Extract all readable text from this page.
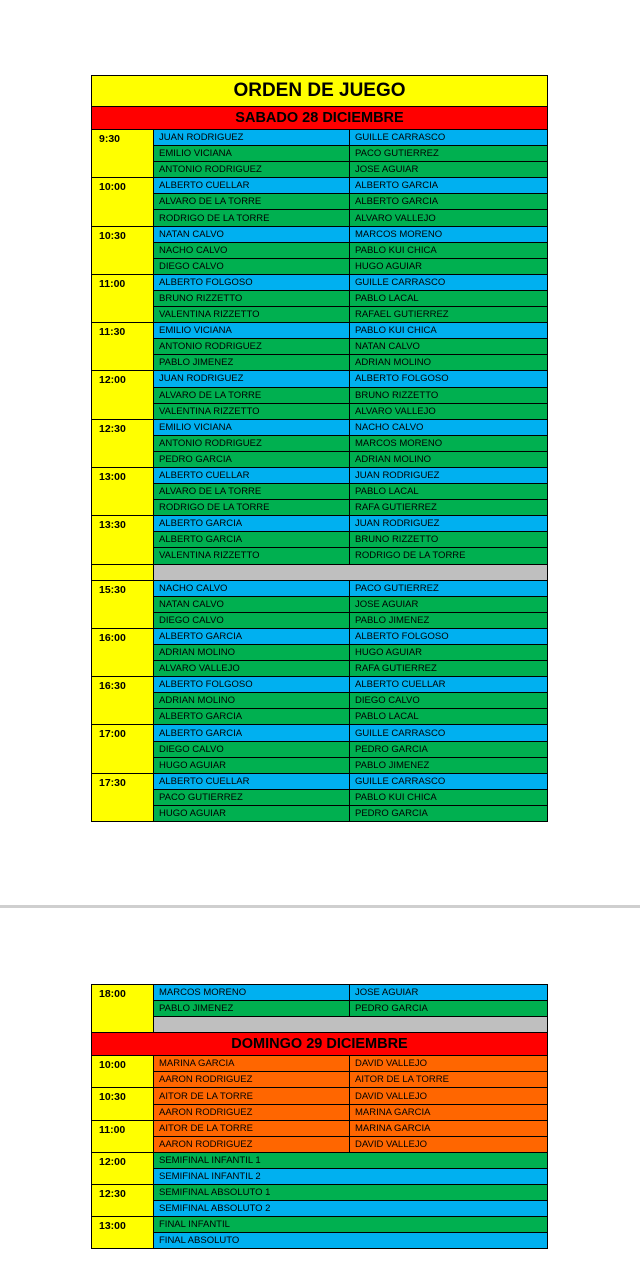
ORDEN DE JUEGO
SABADO 28 DICIEMBRE
9:30	JUAN RODRIGUEZ	GUILLE CARRASCO
EMILIO VICIANA	PACO GUTIERREZ
ANTONIO RODRIGUEZ	JOSE AGUIAR
10:00	ALBERTO CUELLAR	ALBERTO GARCIA
ALVARO DE LA TORRE	ALBERTO GARCIA
RODRIGO DE LA TORRE	ALVARO VALLEJO
10:30	NATAN CALVO	MARCOS MORENO
NACHO CALVO	PABLO KUI CHICA
DIEGO CALVO	HUGO AGUIAR
11:00	ALBERTO FOLGOSO	GUILLE CARRASCO
BRUNO RIZZETTO	PABLO LACAL
VALENTINA RIZZETTO	RAFAEL GUTIERREZ
11:30	EMILIO VICIANA	PABLO KUI CHICA
ANTONIO RODRIGUEZ	NATAN CALVO
PABLO JIMENEZ	ADRIAN MOLINO
12:00	JUAN RODRIGUEZ	ALBERTO FOLGOSO
ALVARO DE LA TORRE	BRUNO RIZZETTO
VALENTINA RIZZETTO	ALVARO VALLEJO
12:30	EMILIO VICIANA	NACHO CALVO
ANTONIO RODRIGUEZ	MARCOS MORENO
PEDRO GARCIA	ADRIAN MOLINO
13:00	ALBERTO CUELLAR	JUAN RODRIGUEZ
ALVARO DE LA TORRE	PABLO LACAL
RODRIGO DE LA TORRE	RAFA GUTIERREZ
13:30	ALBERTO GARCIA	JUAN RODRIGUEZ
ALBERTO GARCIA	BRUNO RIZZETTO
VALENTINA RIZZETTO	RODRIGO DE LA TORRE
15:30	NACHO CALVO	PACO GUTIERREZ
NATAN CALVO	JOSE AGUIAR
DIEGO CALVO	PABLO JIMENEZ
16:00	ALBERTO GARCIA	ALBERTO FOLGOSO
ADRIAN MOLINO	HUGO AGUIAR
ALVARO VALLEJO	RAFA GUTIERREZ
16:30	ALBERTO FOLGOSO	ALBERTO CUELLAR
ADRIAN MOLINO	DIEGO CALVO
ALBERTO GARCIA	PABLO LACAL
17:00	ALBERTO GARCIA	GUILLE CARRASCO
DIEGO CALVO	PEDRO GARCIA
HUGO AGUIAR	PABLO JIMENEZ
17:30	ALBERTO CUELLAR	GUILLE CARRASCO
PACO GUTIERREZ	PABLO KUI CHICA
HUGO AGUIAR	PEDRO GARCIA
18:00	MARCOS MORENO	JOSE AGUIAR
PABLO JIMENEZ	PEDRO GARCIA
DOMINGO 29 DICIEMBRE
10:00	MARINA GARCIA	DAVID VALLEJO
AARON RODRIGUEZ	AITOR DE LA TORRE
10:30	AITOR DE LA TORRE	DAVID VALLEJO
AARON RODRIGUEZ	MARINA GARCIA
11:00	AITOR DE LA TORRE	MARINA GARCIA
AARON RODRIGUEZ	DAVID VALLEJO
12:00	SEMIFINAL INFANTIL 1
SEMIFINAL INFANTIL 2
12:30	SEMIFINAL ABSOLUTO 1
SEMIFINAL ABSOLUTO 2
13:00	FINAL INFANTIL
FINAL ABSOLUTO
